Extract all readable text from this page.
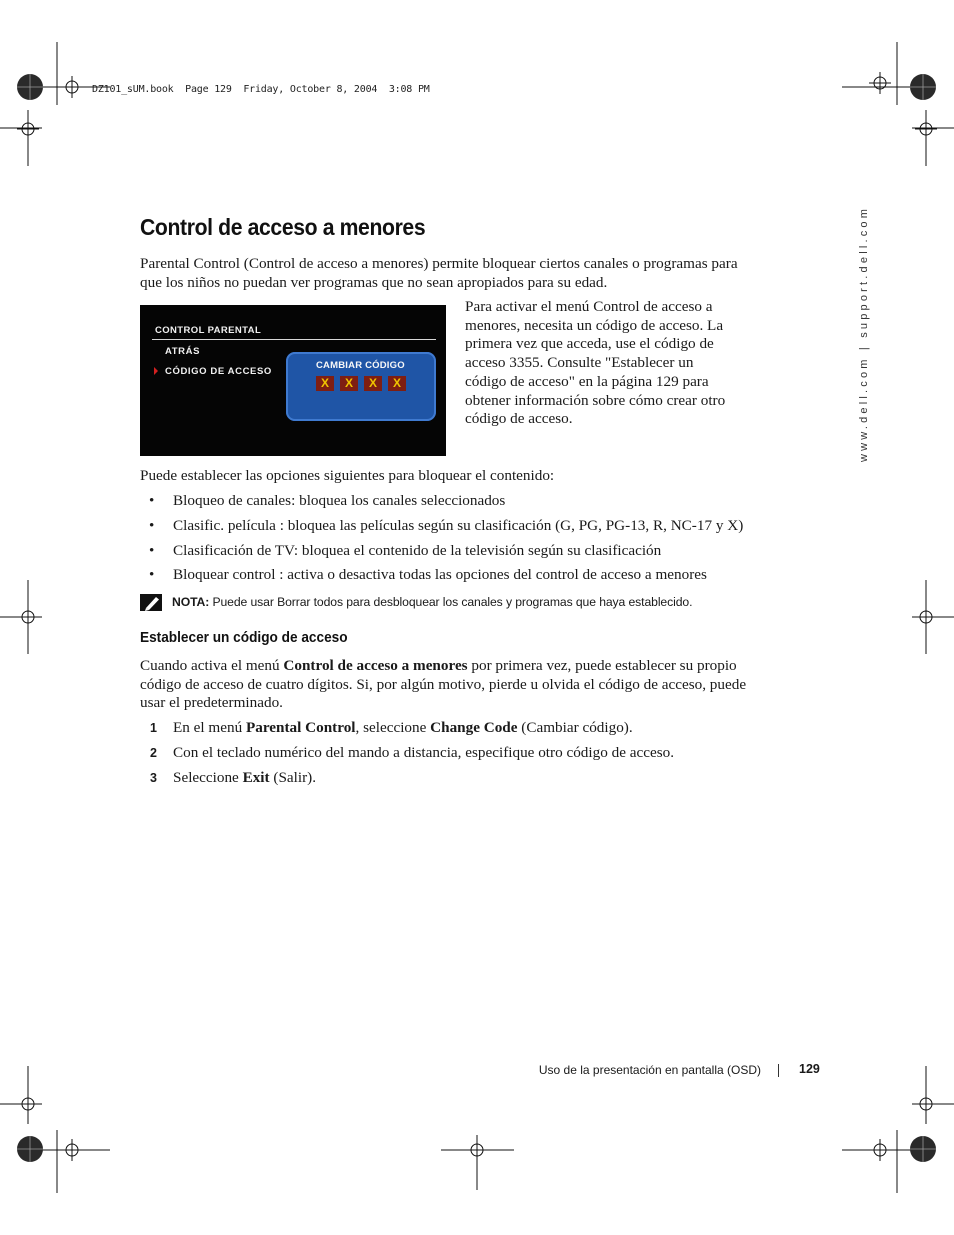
DZ101_sUM.book  Page 129  Friday, October 8, 2004  3:08 PM
www.dell.com | support.dell.com
Control de acceso a menores

Parental Control (Control de acceso a menores) permite bloquear ciertos canales o programas para que los niños no puedan ver programas que no sean apropiados para su edad.

CONTROL PARENTAL
ATRÁS
CÓDIGO DE ACCESO
CAMBIAR CÓDIGO
X	X	X	X

Para activar el menú Control de acceso a menores, necesita un código de acceso. La primera vez que acceda, use el código de acceso 3355. Consulte "Establecer un código de acceso" en la página 129 para obtener información sobre cómo crear otro código de acceso.

Puede establecer las opciones siguientes para bloquear el contenido:

• Bloqueo de canales: bloquea los canales seleccionados
• Clasific. película : bloquea las películas según su clasificación (G, PG, PG-13, R, NC-17 y X)
• Clasificación de TV: bloquea el contenido de la televisión según su clasificación
• Bloquear control : activa o desactiva todas las opciones del control de acceso a menores
NOTA: Puede usar Borrar todos para desbloquear los canales y programas que haya establecido.
Establecer un código de acceso

Cuando activa el menú Control de acceso a menores por primera vez, puede establecer su propio código de acceso de cuatro dígitos. Si, por algún motivo, pierde u olvida el código de acceso, puede usar el predeterminado.

1 En el menú Parental Control, seleccione Change Code (Cambiar código).
2 Con el teclado numérico del mando a distancia, especifique otro código de acceso.
3 Seleccione Exit (Salir).
Uso de la presentación en pantalla (OSD)	129
